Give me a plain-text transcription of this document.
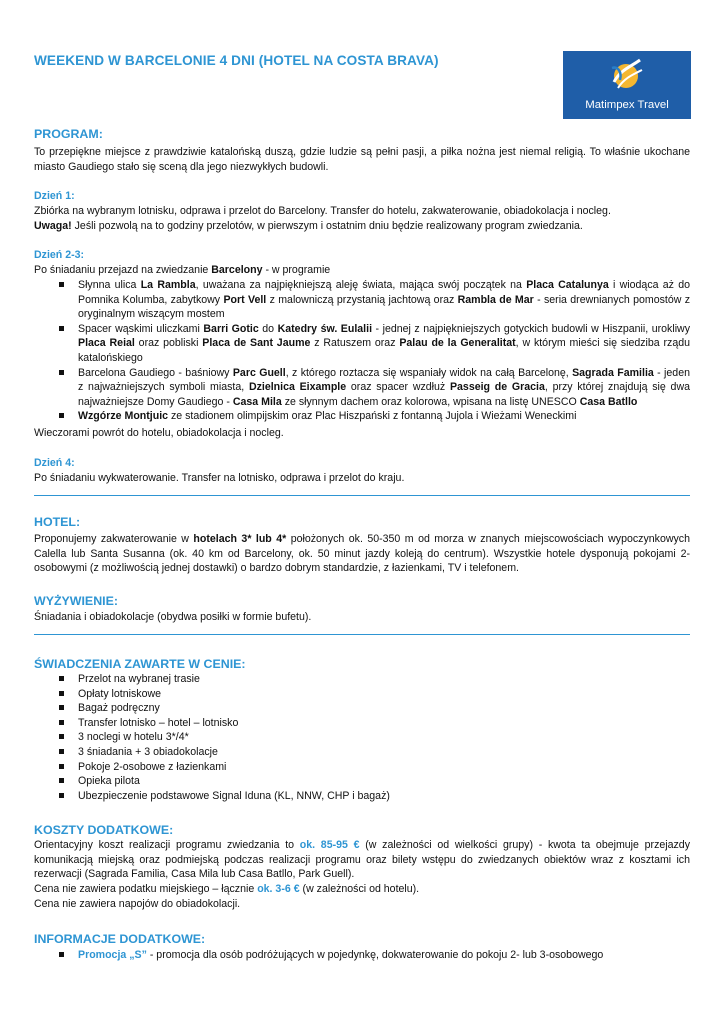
WEEKEND W BARCELONIE 4 DNI (HOTEL NA COSTA BRAVA)
Matimpex Travel
PROGRAM:
To przepiękne miejsce z prawdziwie katalońską duszą, gdzie ludzie są pełni pasji, a piłka nożna jest niemal religią. To właśnie ukochane miasto Gaudiego stało się sceną dla jego niezwykłych budowli.
Dzień 1:
Zbiórka na wybranym lotnisku, odprawa i przelot do Barcelony. Transfer do hotelu, zakwaterowanie, obiadokolacja i nocleg.
Uwaga! Jeśli pozwolą na to godziny przelotów, w pierwszym i ostatnim dniu będzie realizowany program zwiedzania.
Dzień 2-3:
Po śniadaniu przejazd na zwiedzanie Barcelony - w programie
Słynna ulica La Rambla, uważana za najpiękniejszą aleję świata, mająca swój początek na Placa Catalunya i wiodąca aż do Pomnika Kolumba, zabytkowy Port Vell z malowniczą przystanią jachtową oraz Rambla de Mar - seria drewnianych pomostów z oryginalnym wiszącym mostem
Spacer wąskimi uliczkami Barri Gotic do Katedry św. Eulalii - jednej z najpiękniejszych gotyckich budowli w Hiszpanii, urokliwy Placa Reial oraz pobliski Placa de Sant Jaume z Ratuszem oraz Palau de la Generalitat, w którym mieści się siedziba rządu katalońskiego
Barcelona Gaudiego - baśniowy Parc Guell, z którego roztacza się wspaniały widok na całą Barcelonę, Sagrada Familia - jeden z najważniejszych symboli miasta, Dzielnica Eixample oraz spacer wzdłuż Passeig de Gracia, przy której znajdują się dwa najważniejsze Domy Gaudiego - Casa Mila ze słynnym dachem oraz kolorowa, wpisana na listę UNESCO Casa Batllo
Wzgórze Montjuic ze stadionem olimpijskim oraz Plac Hiszpański z fontanną Jujola i Wieżami Weneckimi
Wieczorami powrót do hotelu, obiadokolacja i nocleg.
Dzień 4:
Po śniadaniu wykwaterowanie. Transfer na lotnisko, odprawa i przelot do kraju.
HOTEL:
Proponujemy zakwaterowanie w hotelach 3* lub 4* położonych ok. 50-350 m od morza w znanych miejscowościach wypoczynkowych Calella lub Santa Susanna (ok. 40 km od Barcelony, ok. 50 minut jazdy koleją do centrum). Wszystkie hotele dysponują pokojami 2-osobowymi (z możliwością jednej dostawki) o bardzo dobrym standardzie, z łazienkami, TV i telefonem.
WYŻYWIENIE:
Śniadania i obiadokolacje (obydwa posiłki w formie bufetu).
ŚWIADCZENIA ZAWARTE W CENIE:
Przelot na wybranej trasie
Opłaty lotniskowe
Bagaż podręczny
Transfer lotnisko – hotel – lotnisko
3 noclegi w hotelu 3*/4*
3 śniadania + 3 obiadokolacje
Pokoje 2-osobowe z łazienkami
Opieka pilota
Ubezpieczenie podstawowe Signal Iduna (KL, NNW, CHP i bagaż)
KOSZTY DODATKOWE:
Orientacyjny koszt realizacji programu zwiedzania to ok. 85-95 € (w zależności od wielkości grupy) - kwota ta obejmuje przejazdy komunikacją miejską oraz podmiejską podczas realizacji programu oraz bilety wstępu do zwiedzanych obiektów wraz z kosztami ich rezerwacji (Sagrada Familia, Casa Mila lub Casa Batllo, Park Guell).
Cena nie zawiera podatku miejskiego – łącznie ok. 3-6 € (w zależności od hotelu).
Cena nie zawiera napojów do obiadokolacji.
INFORMACJE DODATKOWE:
Promocja „S” - promocja dla osób podróżujących w pojedynkę, dokwaterowanie do pokoju 2- lub 3-osobowego
